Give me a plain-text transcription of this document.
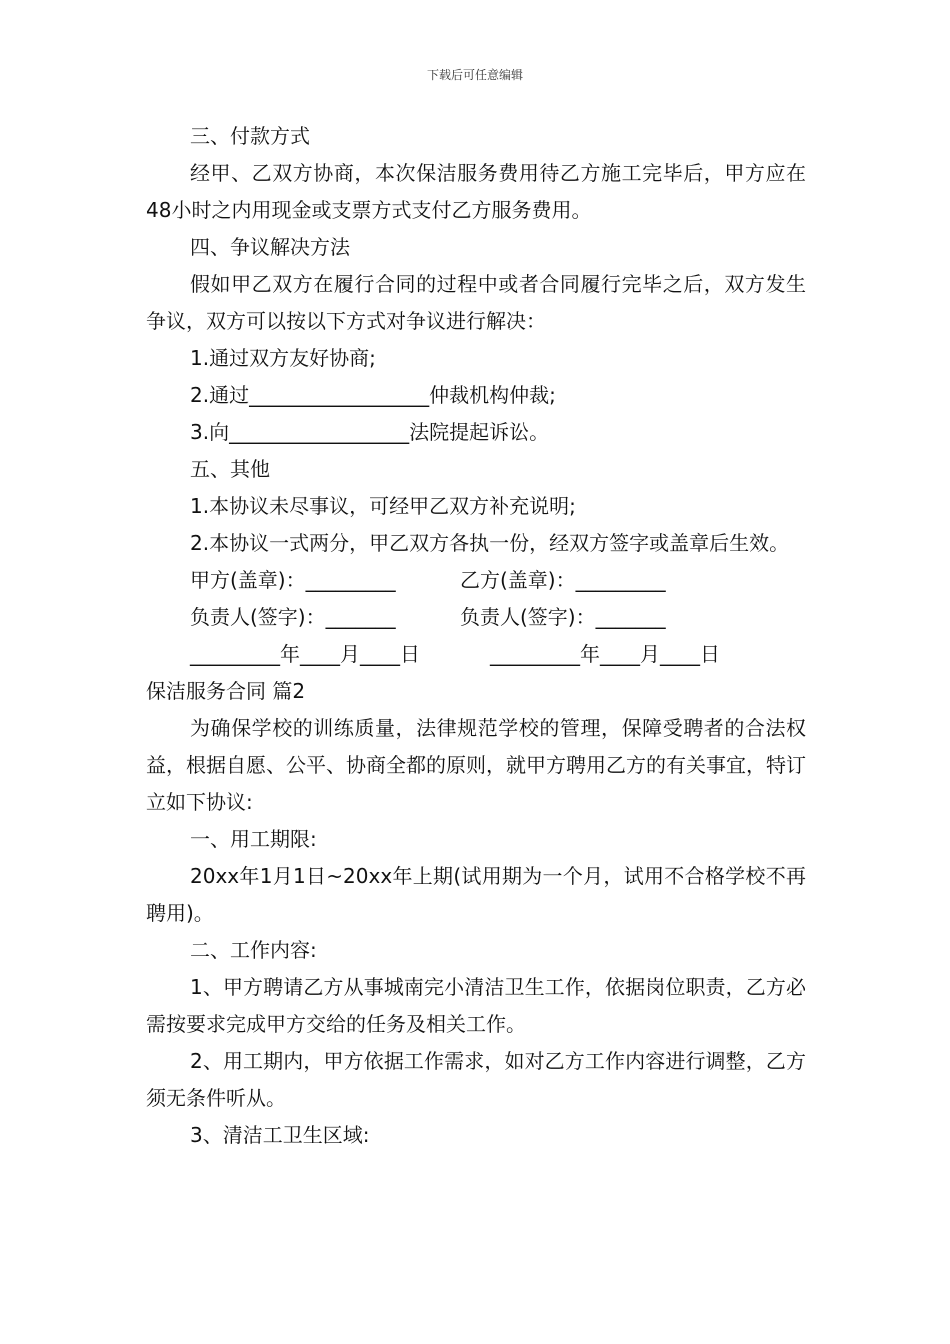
下载后可任意编辑

三、付款方式

经甲、乙双方协商，本次保洁服务费用待乙方施工完毕后，甲方应在48小时之内用现金或支票方式支付乙方服务费用。

四、争议解决方法

假如甲乙双方在履行合同的过程中或者合同履行完毕之后，双方发生争议，双方可以按以下方式对争议进行解决：

1.通过双方友好协商;

2.通过__________________仲裁机构仲裁;

3.向__________________法院提起诉讼。

五、其他

1.本协议未尽事议，可经甲乙双方补充说明;

2.本协议一式两分，甲乙双方各执一份，经双方签字或盖章后生效。

甲方(盖章)：_________	乙方(盖章)：_________
负责人(签字)：_______	负责人(签字)：_______
_________年____月____日	_________年____月____日

保洁服务合同 篇2

为确保学校的训练质量，法律规范学校的管理，保障受聘者的合法权益，根据自愿、公平、协商全都的原则，就甲方聘用乙方的有关事宜，特订立如下协议:

一、用工期限:

20xx年1月1日~20xx年上期(试用期为一个月，试用不合格学校不再聘用)。

二、工作内容:

1、甲方聘请乙方从事城南完小清洁卫生工作，依据岗位职责，乙方必需按要求完成甲方交给的任务及相关工作。

2、用工期内，甲方依据工作需求，如对乙方工作内容进行调整，乙方须无条件听从。

3、清洁工卫生区域:
